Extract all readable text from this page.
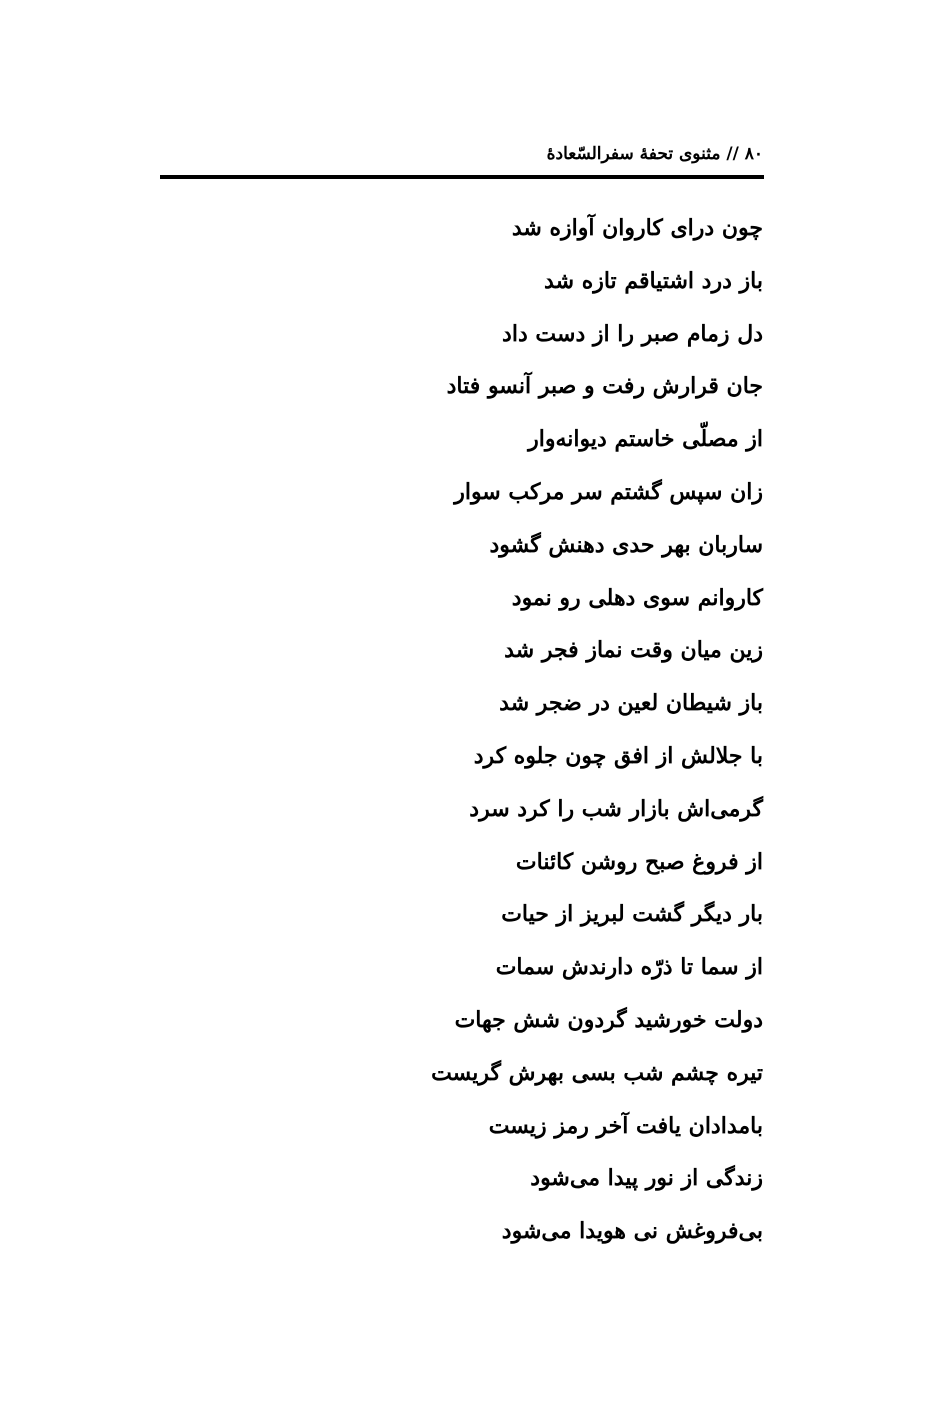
۸۰ // مثنوی تحفهٔ سفرالسّعادهٔ
چون درای کاروان آوازه شد
باز درد اشتیاقم تازه شد
دل زمام صبر را از دست داد
جان قرارش رفت و صبر آنسو فتاد
از مصلّی خاستم دیوانه‌وار
زان سپس گشتم سر مرکب سوار
ساربان بهر حدی دهنش گشود
کاروانم سوی دهلی رو نمود
زین میان وقت نماز فجر شد
باز شیطان لعین در ضجر شد
با جلالش از افق چون جلوه کرد
گرمی‌اش بازار شب را کرد سرد
از فروغ صبح روشن کائنات
بار دیگر گشت لبریز از حیات
از سما تا ذرّه دارندش سمات
دولت خورشید گردون شش جهات
تیره چشم شب بسی بهرش گریست
بامدادان یافت آخر رمز زیست
زندگی از نور پیدا می‌شود
بی‌فروغش نی هویدا می‌شود
